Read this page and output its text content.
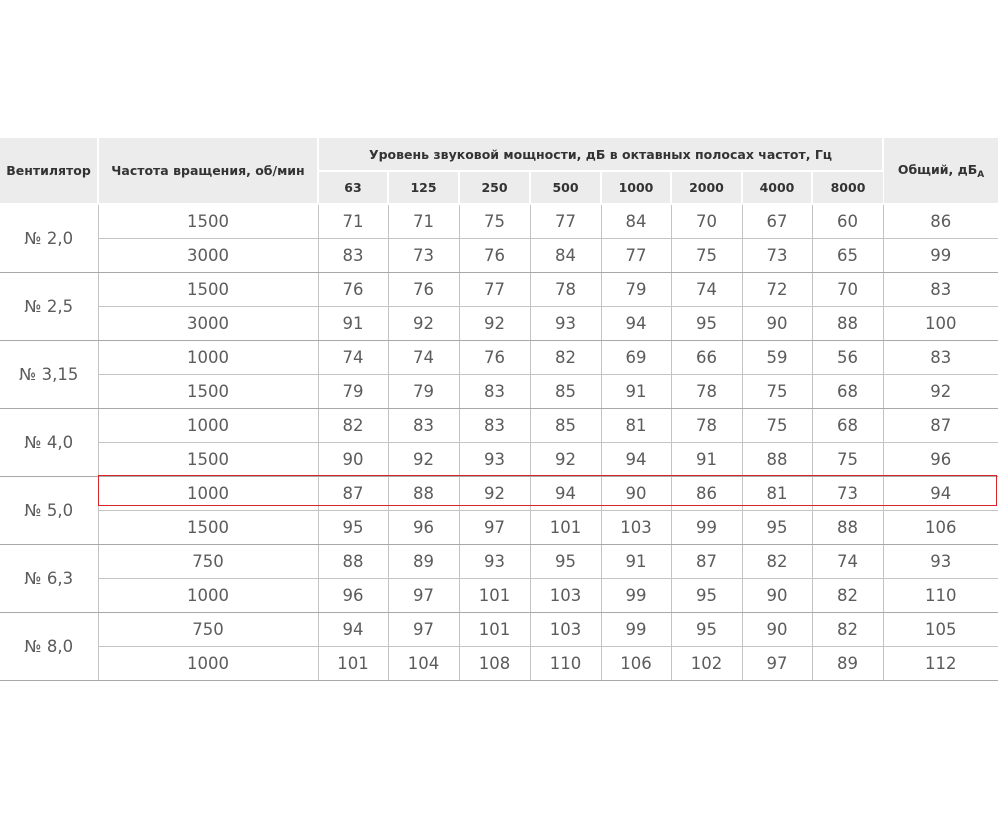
Вентилятор	Частота вращения, об/мин	Уровень звуковой мощности, дБ в октавных полосах частот, Гц								Общий, $дБ_A$
		63	125	250	500	1000	2000	4000	8000	
№ 2,0	1500	71	71	75	77	84	70	67	60	86
	3000	83	73	76	84	77	75	73	65	99
№ 2,5	1500	76	76	77	78	79	74	72	70	83
	3000	91	92	92	93	94	95	90	88	100
№ 3,15	1000	74	74	76	82	69	66	59	56	83
	1500	79	79	83	85	91	78	75	68	92
№ 4,0	1000	82	83	83	85	81	78	75	68	87
	1500	90	92	93	92	94	91	88	75	96
№ 5,0	1000	87	88	92	94	90	86	81	73	94
	1500	95	96	97	101	103	99	95	88	106
№ 6,3	750	88	89	93	95	91	87	82	74	93
	1000	96	97	101	103	99	95	90	82	110
№ 8,0	750	94	97	101	103	99	95	90	82	105
	1000	101	104	108	110	106	102	97	89	112
